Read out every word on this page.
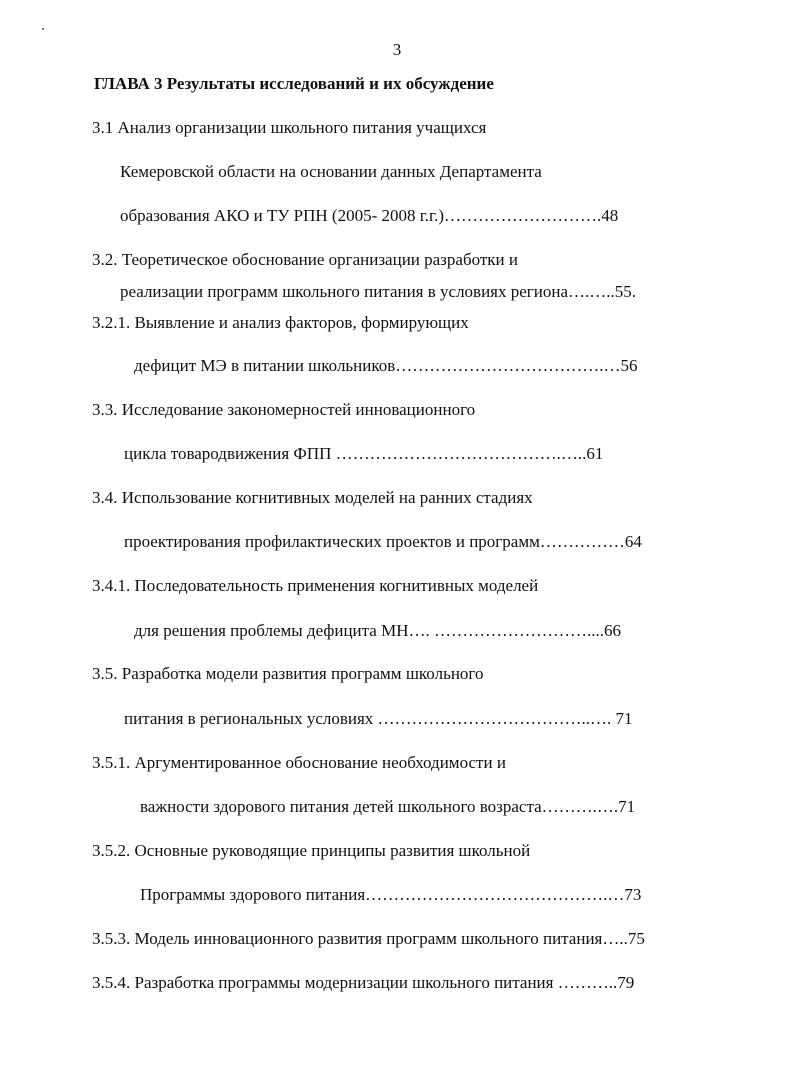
3
ГЛАВА 3 Результаты исследований и их обсуждение
3.1 Анализ организации школьного питания учащихся
Кемеровской области на основании данных Департамента
образования АКО и ТУ РПН (2005- 2008 г.г.)……………………….48
3.2. Теоретическое обоснование организации разработки и
реализации программ школьного питания в условиях региона….…..55.
3.2.1. Выявление и анализ факторов, формирующих
дефицит МЭ в питании школьников……………………………….…56
3.3. Исследование закономерностей инновационного
цикла товародвижения ФПП ………………………………….…..61
3.4. Использование когнитивных моделей на ранних стадиях
проектирования профилактических проектов и программ……………64
3.4.1. Последовательность применения когнитивных моделей
для решения проблемы дефицита МН…. ………………………....66
3.5. Разработка модели развития программ школьного
питания в региональных условиях ………………………………..…. 71
3.5.1. Аргументированное обоснование необходимости и
важности здорового питания детей школьного возраста……….….71
3.5.2. Основные руководящие принципы развития школьной
Программы здорового питания…………………………………….…73
3.5.3. Модель инновационного развития программ школьного питания…..75
3.5.4. Разработка программы модернизации школьного питания ………..79
